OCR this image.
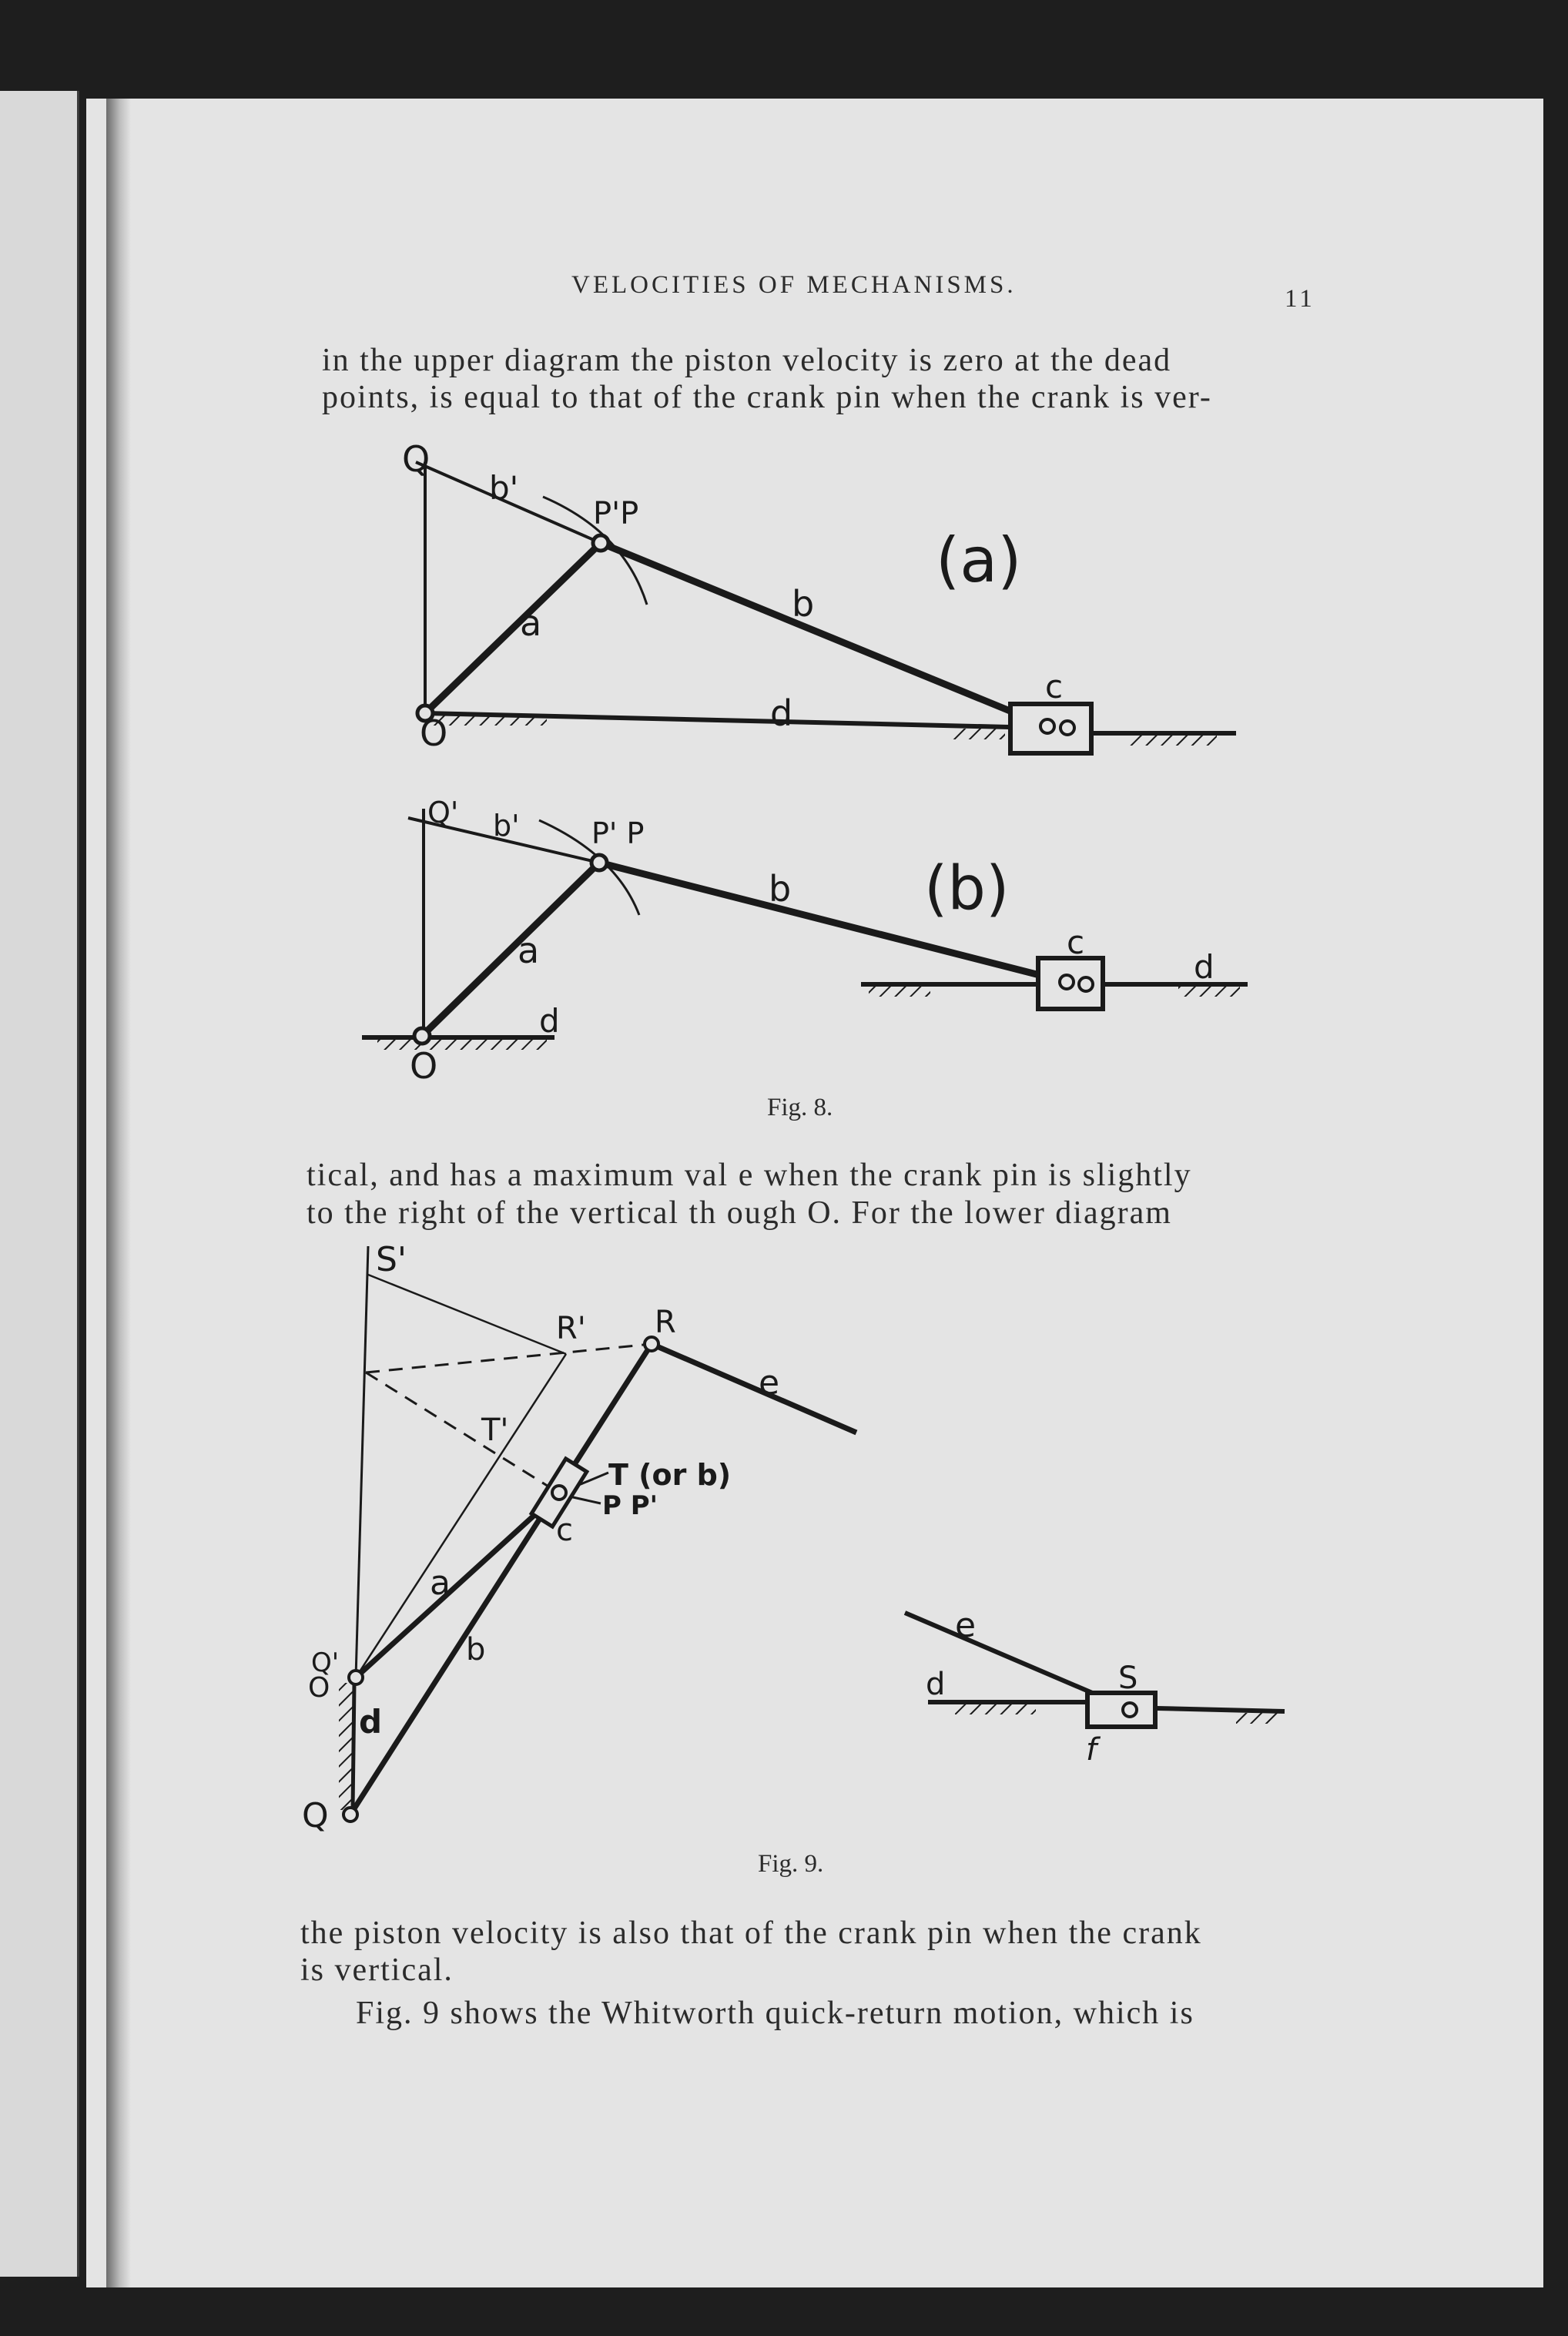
VELOCITIES OF MECHANISMS.	11
in the upper diagram the piston velocity is zero at the dead
points, is equal to that of the crank pin when the crank is ver-
Fig. 8.
tical, and has a maximum val e when the crank pin is slightly
to the right of the vertical th ough O. For the lower diagram
Fig. 9.
the piston velocity is also that of the crank pin when the crank
is vertical.
Fig. 9 shows the Whitworth quick-return motion, which is
Q
b'
P'P
(a)
a	b
d
c
O
Q' b' P' P
(b)
a
b
c
d
d
O
S'
R' R
e
T'
T (or b)
P P'
c
a
b
Q'
O
d
Q
e
d	S
f
